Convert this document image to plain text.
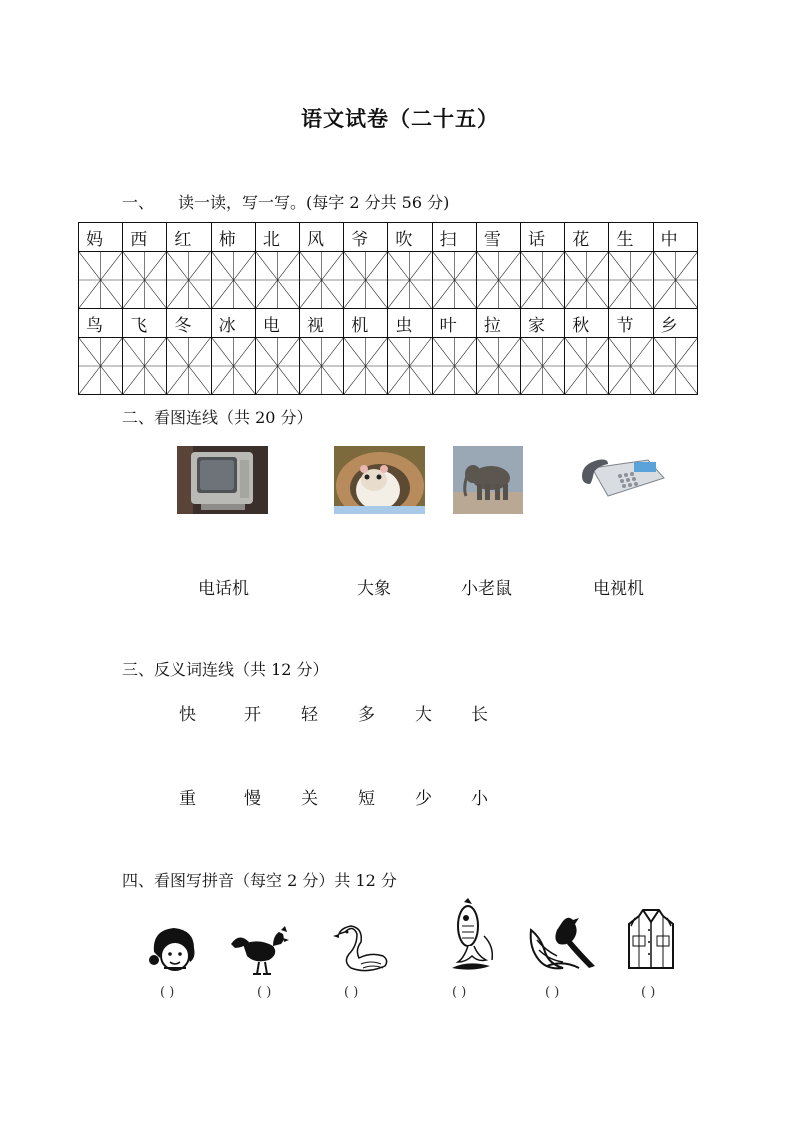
语文试卷（二十五）
一、 读一读，写一写。(每字 2 分共 56 分)
妈	西	红	柿	北	风	爷	吹	扫	雪	话	花	生	中

鸟	飞	冬	冰	电	视	机	虫	叶	拉	家	秋	节	乡

二、看图连线（共 20 分）
电话机	大象	小老鼠	电视机
三、反义词连线（共 12 分）
快	开 轻 多 大 长
重	慢 关 短 少 小
四、看图写拼音（每空 2 分）共 12 分
( )	( )	( )	( )	( )	( )
